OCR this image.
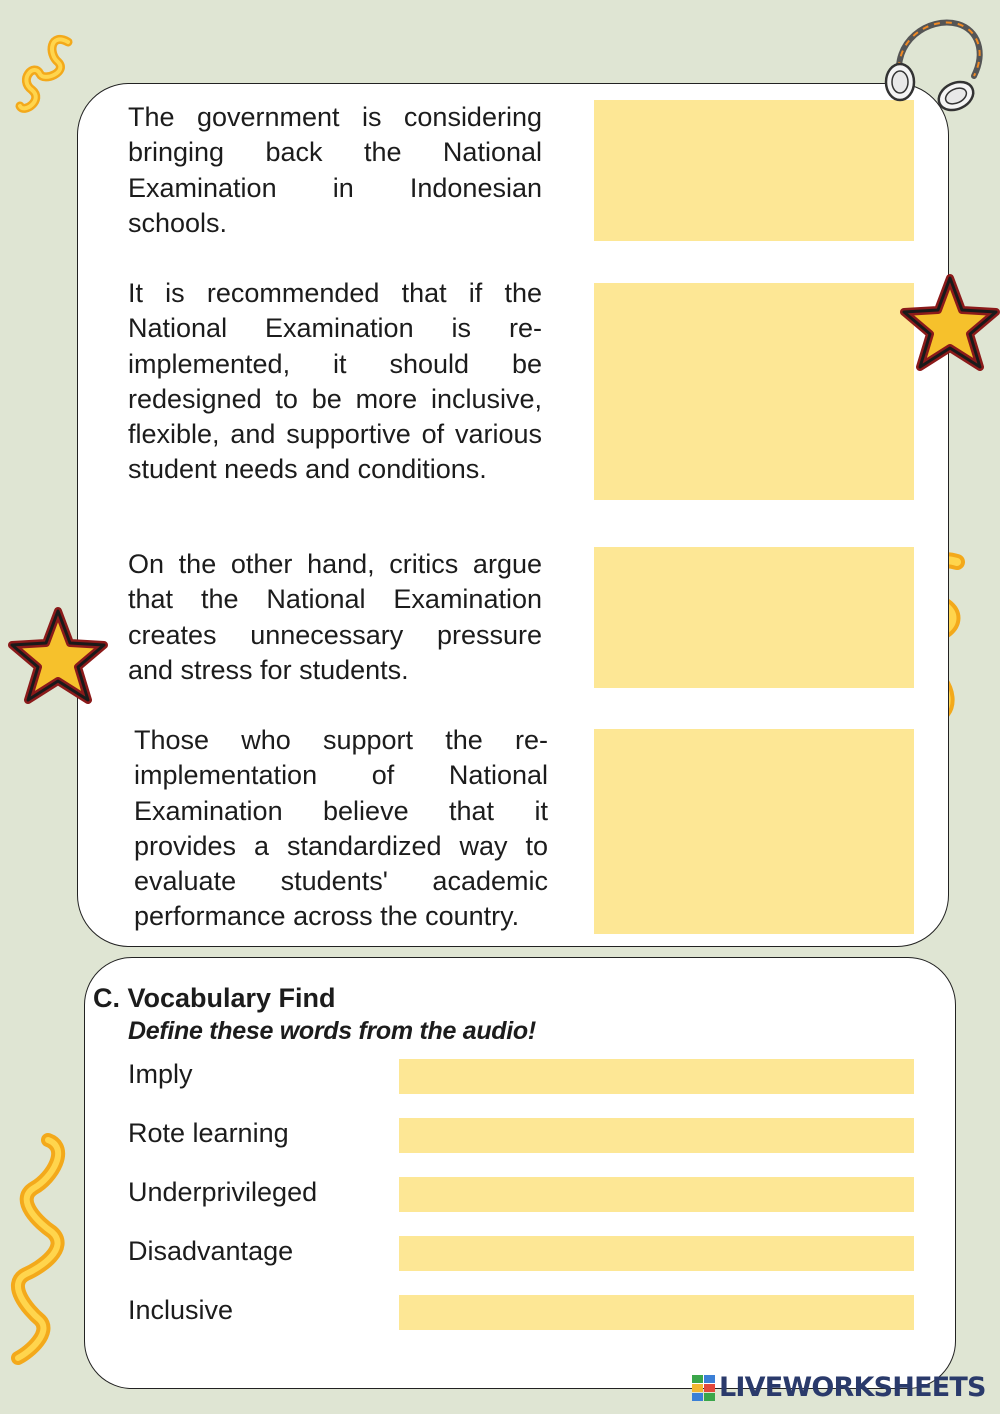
The government is considering bringing back the National Examination in Indonesian schools.

It is recommended that if the National Examination is re-implemented, it should be redesigned to be more inclusive, flexible, and supportive of various student needs and conditions.

On the other hand, critics argue that the National Examination creates unnecessary pressure and stress for students.

Those who support the re-implementation of National Examination believe that it provides a standardized way to evaluate students' academic performance across the country.

C. Vocabulary Find

Define these words from the audio!

Imply

Rote learning

Underprivileged

Disadvantage

Inclusive

LIVEWORKSHEETS
